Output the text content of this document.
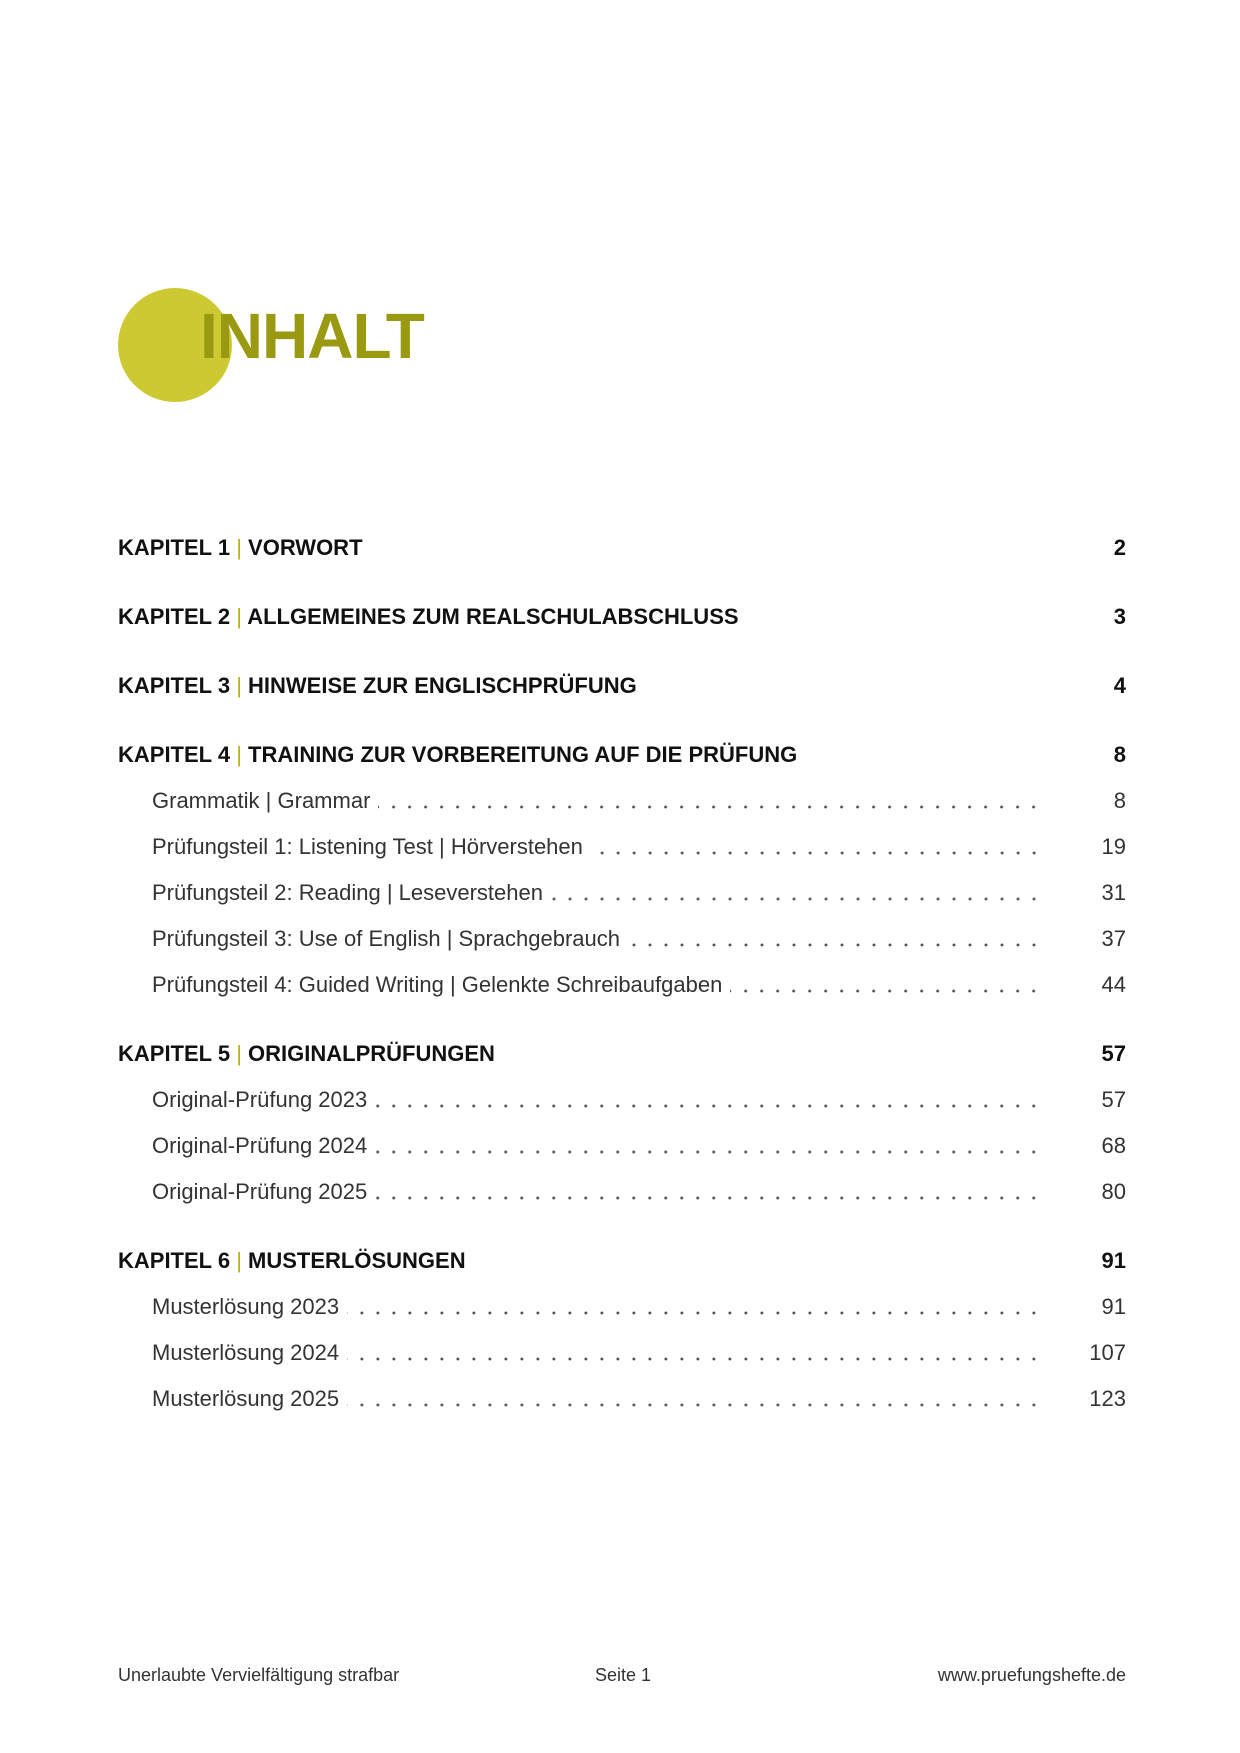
INHALT
KAPITEL 1 | VORWORT	2
KAPITEL 2 | ALLGEMEINES ZUM REALSCHULABSCHLUSS	3
KAPITEL 3 | HINWEISE ZUR ENGLISCHPRÜFUNG	4
KAPITEL 4 | TRAINING ZUR VORBEREITUNG AUF DIE PRÜFUNG	8
Grammatik | Grammar	8
Prüfungsteil 1: Listening Test | Hörverstehen	19
Prüfungsteil 2: Reading | Leseverstehen	31
Prüfungsteil 3: Use of English | Sprachgebrauch	37
Prüfungsteil 4: Guided Writing | Gelenkte Schreibaufgaben	44
KAPITEL 5 | ORIGINALPRÜFUNGEN	57
Original-Prüfung 2023	57
Original-Prüfung 2024	68
Original-Prüfung 2025	80
KAPITEL 6 | MUSTERLÖSUNGEN	91
Musterlösung 2023	91
Musterlösung 2024	107
Musterlösung 2025	123
Unerlaubte Vervielfältigung strafbar	Seite 1	www.pruefungshefte.de
